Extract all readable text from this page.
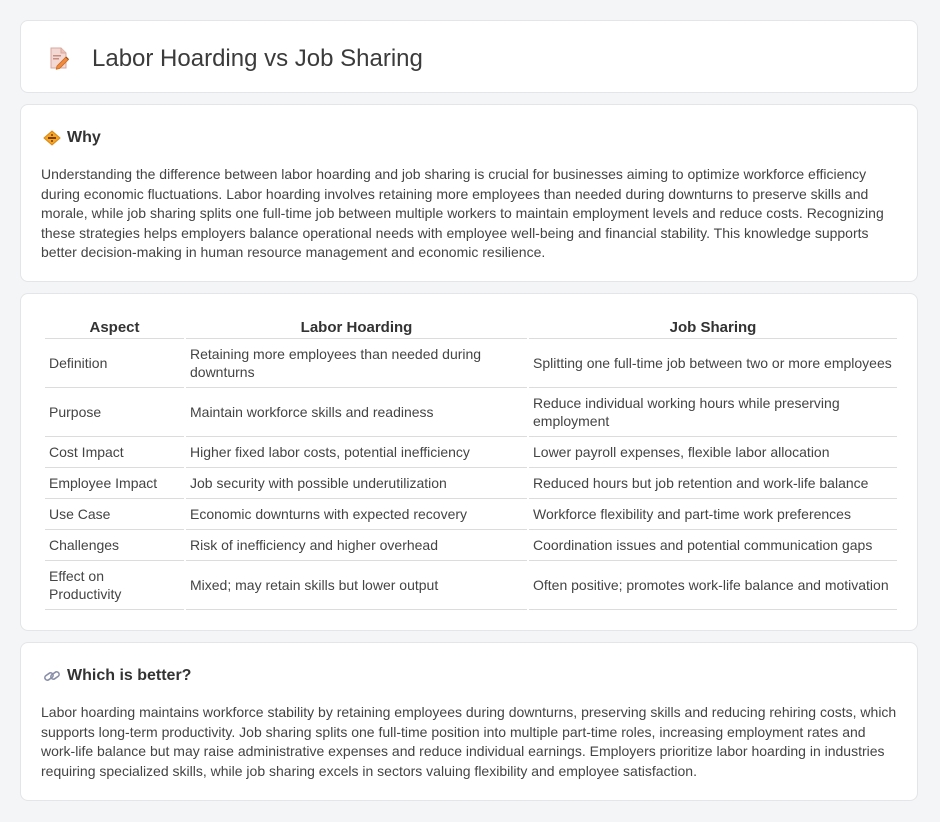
Labor Hoarding vs Job Sharing
Why

Understanding the difference between labor hoarding and job sharing is crucial for businesses aiming to optimize workforce efficiency during economic fluctuations. Labor hoarding involves retaining more employees than needed during downturns to preserve skills and morale, while job sharing splits one full-time job between multiple workers to maintain employment levels and reduce costs. Recognizing these strategies helps employers balance operational needs with employee well-being and financial stability. This knowledge supports better decision-making in human resource management and economic resilience.

Aspect	Labor Hoarding	Job Sharing
Definition	Retaining more employees than needed during downturns	Splitting one full-time job between two or more employees
Purpose	Maintain workforce skills and readiness	Reduce individual working hours while preserving employment
Cost Impact	Higher fixed labor costs, potential inefficiency	Lower payroll expenses, flexible labor allocation
Employee Impact	Job security with possible underutilization	Reduced hours but job retention and work-life balance
Use Case	Economic downturns with expected recovery	Workforce flexibility and part-time work preferences
Challenges	Risk of inefficiency and higher overhead	Coordination issues and potential communication gaps
Effect on Productivity	Mixed; may retain skills but lower output	Often positive; promotes work-life balance and motivation
Which is better?

Labor hoarding maintains workforce stability by retaining employees during downturns, preserving skills and reducing rehiring costs, which supports long-term productivity. Job sharing splits one full-time position into multiple part-time roles, increasing employment rates and work-life balance but may raise administrative expenses and reduce individual earnings. Employers prioritize labor hoarding in industries requiring specialized skills, while job sharing excels in sectors valuing flexibility and employee satisfaction.
